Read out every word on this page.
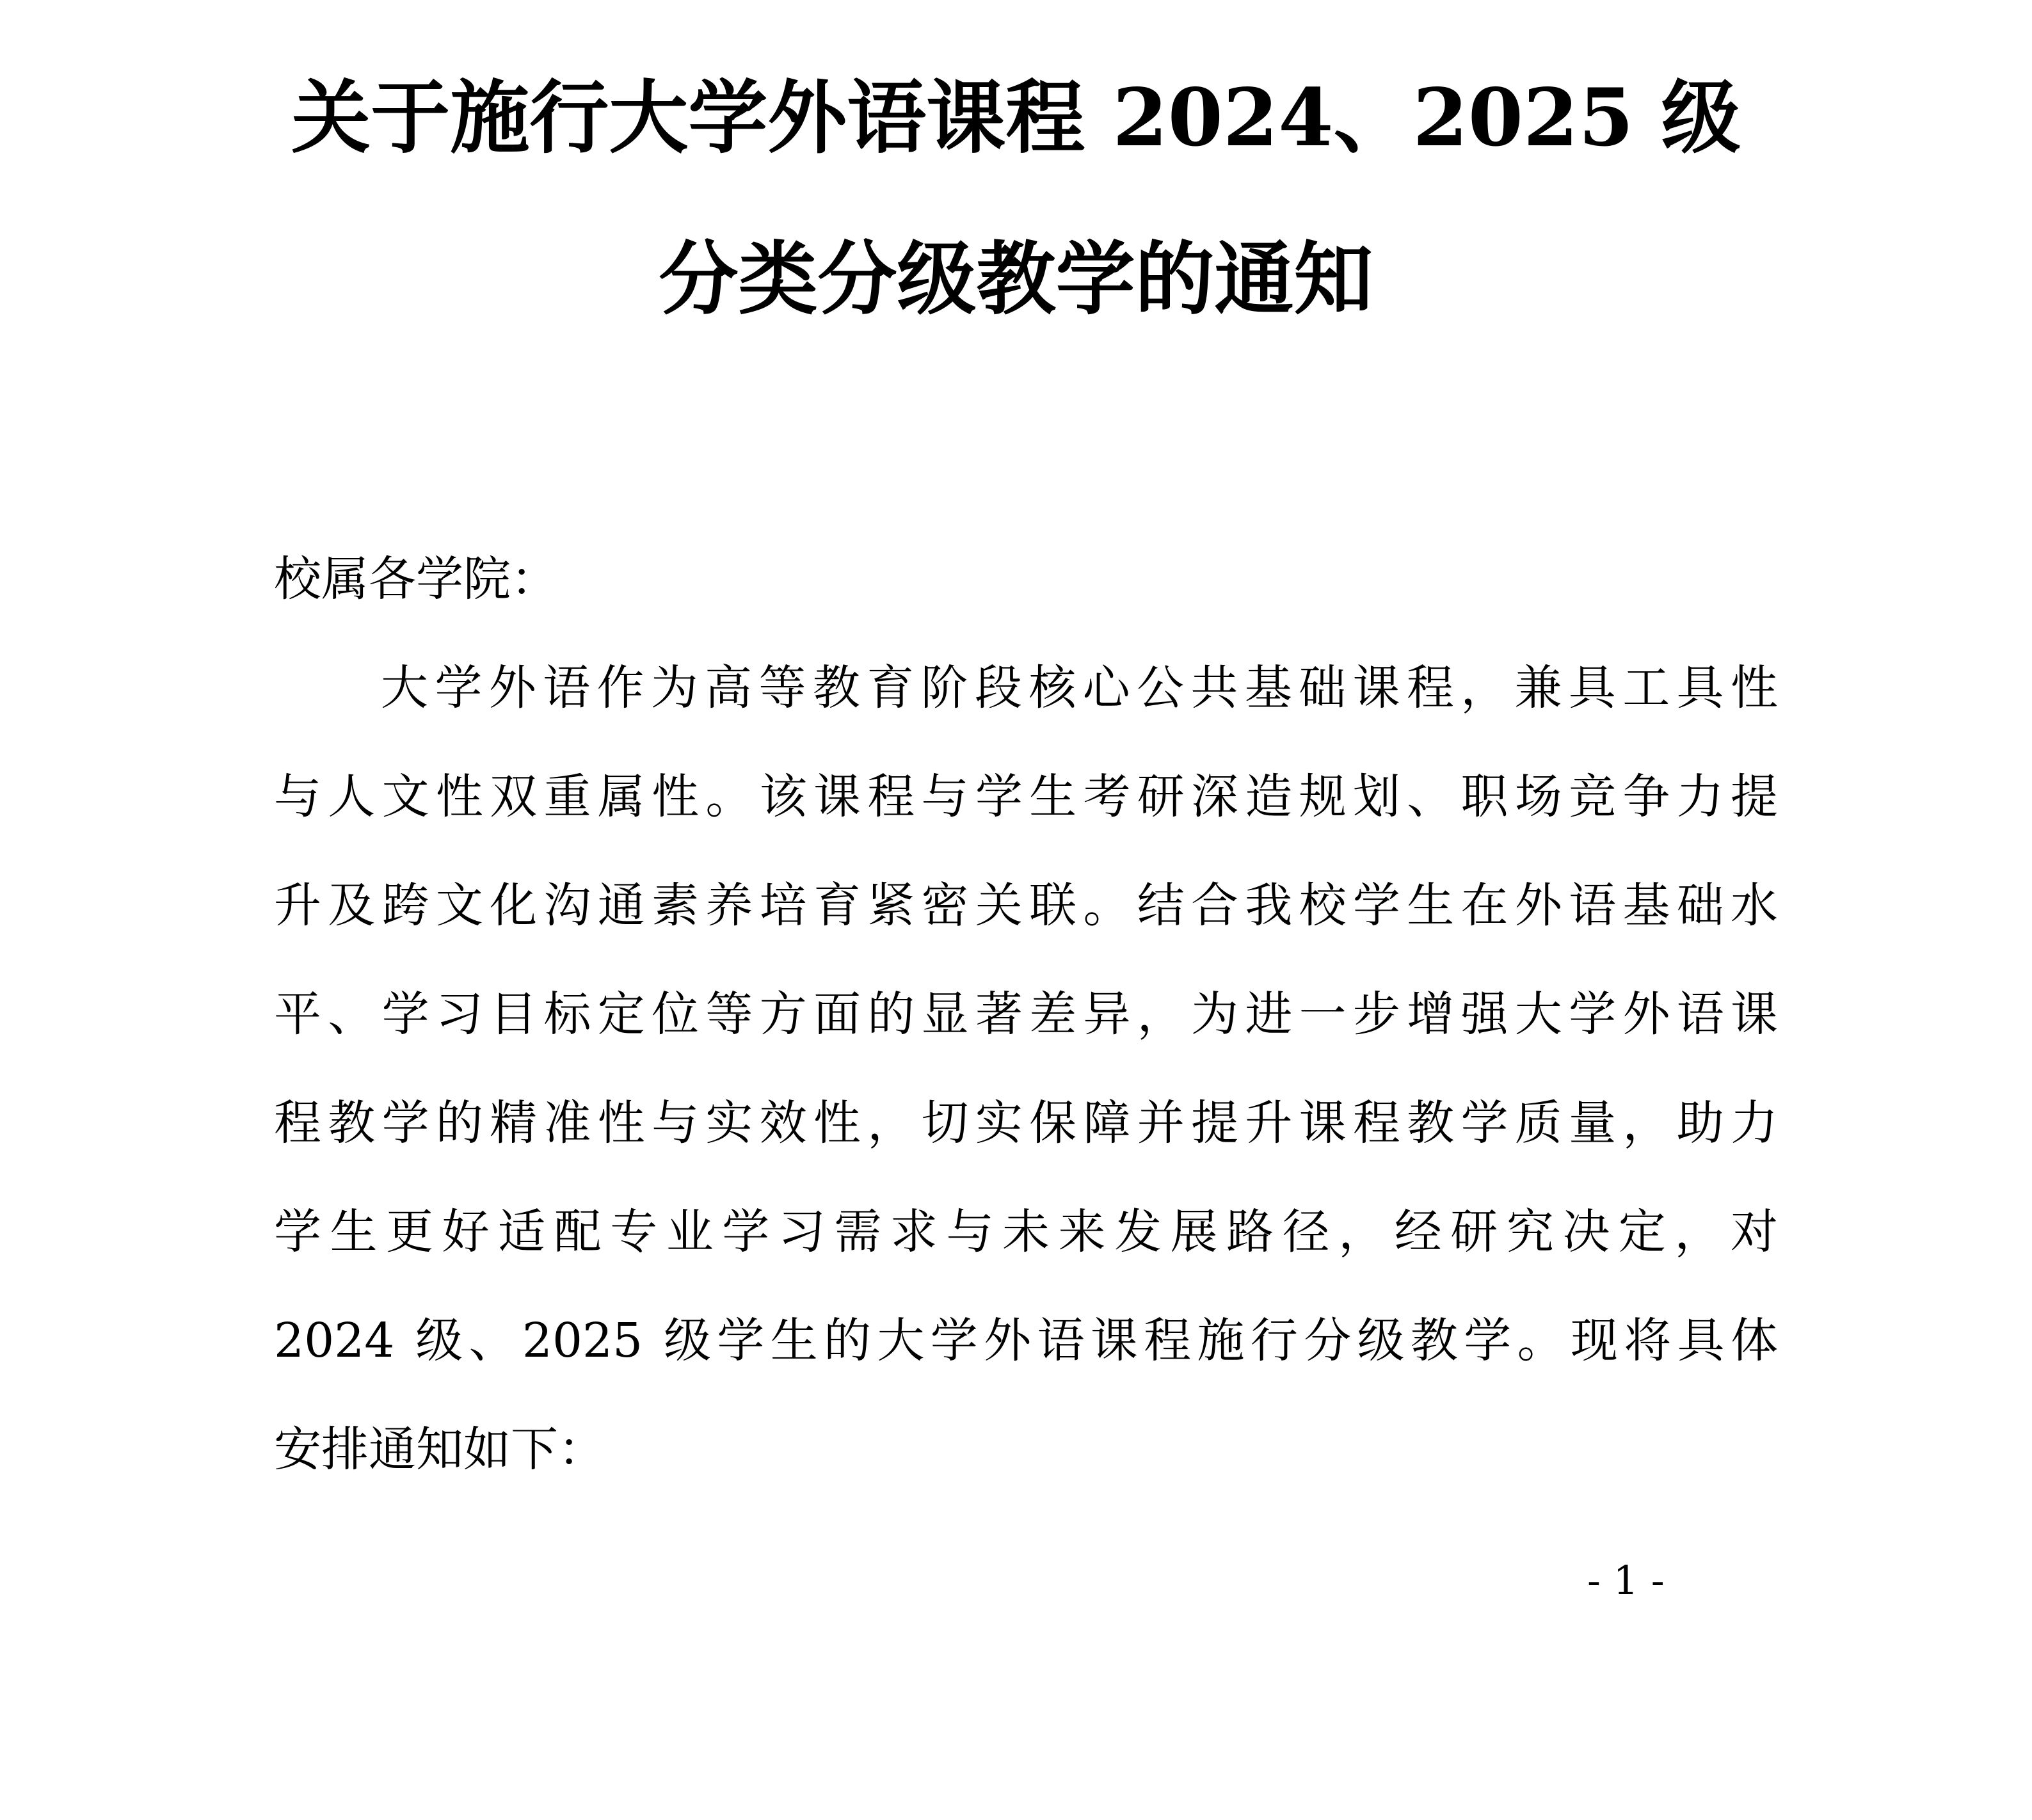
关于施行大学外语课程 2024、2025 级
分类分级教学的通知
校属各学院：
大学外语作为高等教育阶段核心公共基础课程，兼具工具性
与人文性双重属性。该课程与学生考研深造规划、职场竞争力提
升及跨文化沟通素养培育紧密关联。结合我校学生在外语基础水
平、学习目标定位等方面的显著差异，为进一步增强大学外语课
程教学的精准性与实效性，切实保障并提升课程教学质量，助力
学生更好适配专业学习需求与未来发展路径，经研究决定，对
2024 级、2025 级学生的大学外语课程施行分级教学。现将具体
安排通知如下：
- 1 -
